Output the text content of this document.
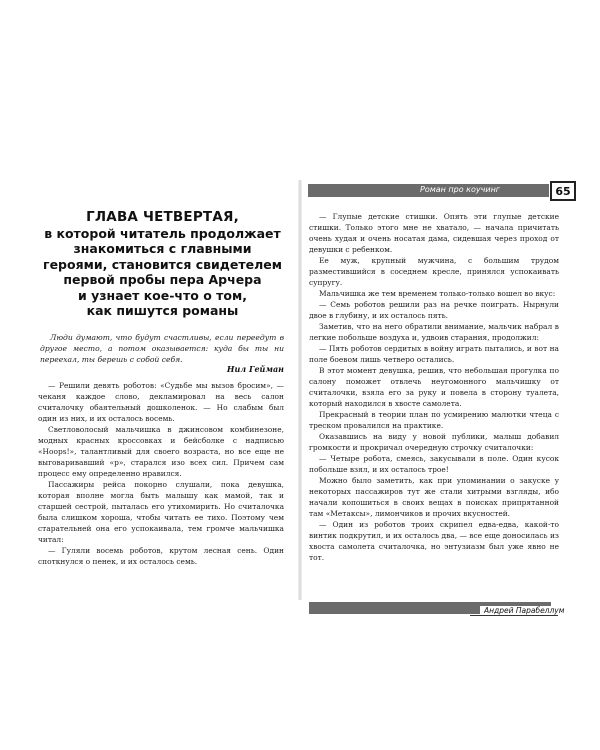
Роман про коучинг	65
ГЛАВА ЧЕТВЕРТАЯ,
в которой читатель продолжает
знакомиться с главными
героями, становится свидетелем
первой пробы пера Арчера
и узнает кое-что о том,
как пишутся романы
Люди думают, что будут счастливы, если переедут в другое место, а потом оказывается: куда бы ты ни переехал, ты берешь с собой себя.
Нил Гейман

— Решили девять роботов: «Судьбе мы вызов бросим», — чеканя каждое слово, декламировал на весь салон считалочку обаятельный дошколенок. — Но слабым был один из них, и их осталось восемь.

Светловолосый мальчишка в джинсовом комбинезоне, модных красных кроссовках и бейсболке с надписью «Hoops!», талантливый для своего возраста, но все еще не выговаривавший «р», старался изо всех сил. Причем сам процесс ему определенно нравился.

Пассажиры рейса покорно слушали, пока девушка, которая вполне могла быть малышу как мамой, так и старшей сестрой, пыталась его утихомирить. Но считалочка была слишком хороша, чтобы читать ее тихо. Поэтому чем старательней она его успокаивала, тем громче мальчишка читал:

— Гуляли восемь роботов, крутом лесная сень. Один споткнулся о пенек, и их осталось семь.

— Глупые детские стишки. Опять эти глупые детские стишки. Только этого мне не хватало, — начала причитать очень худая и очень носатая дама, сидевшая через проход от девушки с ребенком.

Ее муж, крупный мужчина, с большим трудом разместившийся в соседнем кресле, принялся успокаивать супругу.

Мальчишка же тем временем только-только вошел во вкус:

— Семь роботов решили раз на речке поиграть. Нырнули двое в глубину, и их осталось пять.

Заметив, что на него обратили внимание, мальчик набрал в легкие побольше воздуха и, удвоив старания, продолжил:

— Пять роботов сердитых в войну играть пытались, и вот на поле боевом лишь четверо остались.

В этот момент девушка, решив, что небольшая прогулка по салону поможет отвлечь неугомонного мальчишку от считалочки, взяла его за руку и повела в сторону туалета, который находился в хвосте самолета.

Прекрасный в теории план по усмирению малютки чтеца с треском провалился на практике.

Оказавшись на виду у новой публики, малыш добавил громкости и прокричал очередную строчку считалочки:

— Четыре робота, смеясь, закусывали в поле. Один кусок побольше взял, и их осталось трое!

Можно было заметить, как при упоминании о закуске у некоторых пассажиров тут же стали хитрыми взгляды, ибо начали копошиться в своих вещах в поисках припрятанной там «Метаксы», лимончиков и прочих вкусностей.

— Один из роботов троих скрипел едва-едва, какой-то винтик подкрутил, и их осталось два, — все еще доносилась из хвоста самолета считалочка, но энтузиазм был уже явно не тот.

Андрей Парабеллум
